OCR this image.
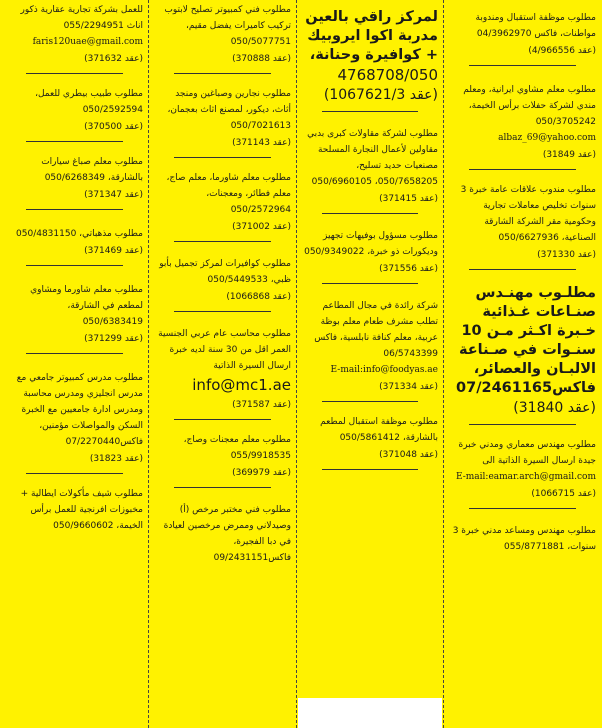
مطلوب موظفة استقبال ومندوبة مواطنات، فاكس 04/3962970
(4/966556 عقد)
مطلوب معلم مشاوي ايرانية، ومعلم مندي لشركة حفلات برأس الخيمة، 050/3705242
albaz_69@yahoo.com
(31849 عقد)
مطلوب مندوب علاقات عامة خبرة 3 سنوات تخليص معاملات تجارية وحكومية مقر الشركة الشارقة الصناعية، 050/6627936
(371330 عقد)
مطلـوب مهنـدس صنـاعات غـذائية خـبرة اكـثر مـن 10 سنـوات في صـناعة الالبـان والعصائر، فاكس07/2461165
(عقد 31840)
مطلوب مهندس معماري ومدني خبرة جيدة ارسال السيرة الذاتية الى
E-mail:eamar.arch@gmail.com
(1066715 عقد)
مطلوب مهندس ومساعد مدني خبرة 3 سنوات، 055/8771881
لمركز راقي بالعين مدربة اكوا ايروبيك + كوافيرة وحنانة،
4768708/050
(عقد 1067621/3)
مطلوب لشركة مقاولات كبرى بدبي مقاولين لأعمال النجارة المسلحة مصنعيات حديد تسليح، 050/7658205، 050/6960105
(371415 عقد)
مطلوب مسؤول بوفيهات تجهيز وديكورات ذو خبرة، 050/9349022
(371556 عقد)
شركة رائدة في مجال المطاعم تطلب مشرف طعام معلم بوظة عربية، معلم كنافة نابلسية، فاكس 06/5743399
E-mail:info@foodyas.ae
(371334 عقد)
مطلوب موظفة استقبال لمطعم بالشارقة، 050/5861412
(371048 عقد)
مطلوب فني كمبيوتر تصليح لابتوب تركيب كاميرات يفضل مقيم، 050/5077751
(370888 عقد)
مطلوب نجارين وصباغين ومنجد أثاث، ديكور، لمصنع اثاث بعجمان، 050/7021613
(371143 عقد)
مطلوب معلم شاورما، معلم صاج، معلم فطائر، ومعجنات، 050/2572964
(371002 عقد)
مطلوب كوافيرات لمركز تجميل بأبو ظبي، 050/5449533
(1066868 عقد)
مطلوب محاسب عام عربي الجنسية العمر اقل من 30 سنة لديه خبرة ارسال السيرة الذاتية
info@mc1.ae
(371587 عقد)
مطلوب معلم معجنات وصاج، 055/9918535
(369979 عقد)
مطلوب فني مختبر مرخص (أ) وصيدلاني وممرض مرخصين لعيادة في دبا الفجيرة، فاكس09/2431151
للعمل بشركة تجارية عقارية ذكور اناث 055/2294951
faris120uae@gmail.com
(371632 عقد)
مطلوب طبيب بيطري للعمل، 050/2592594
(370500 عقد)
مطلوب معلم صباغ سيارات بالشارقة، 050/6268349
(371347 عقد)
مطلوب مذهباتي، 050/4831150
(371469 عقد)
مطلوب معلم شاورما ومشاوي لمطعم في الشارقة، 050/6383419
(371299 عقد)
مطلوب مدرس كمبيوتر جامعي مع مدرس انجليزي ومدرس محاسبة ومدرس ادارة جامعيين مع الخبرة السكن والمواصلات مؤمنين، فاكس07/2270440
(31823 عقد)
مطلوب شيف مأكولات ايطالية + مخبوزات افرنجية للعمل برأس الخيمة، 050/9660602
